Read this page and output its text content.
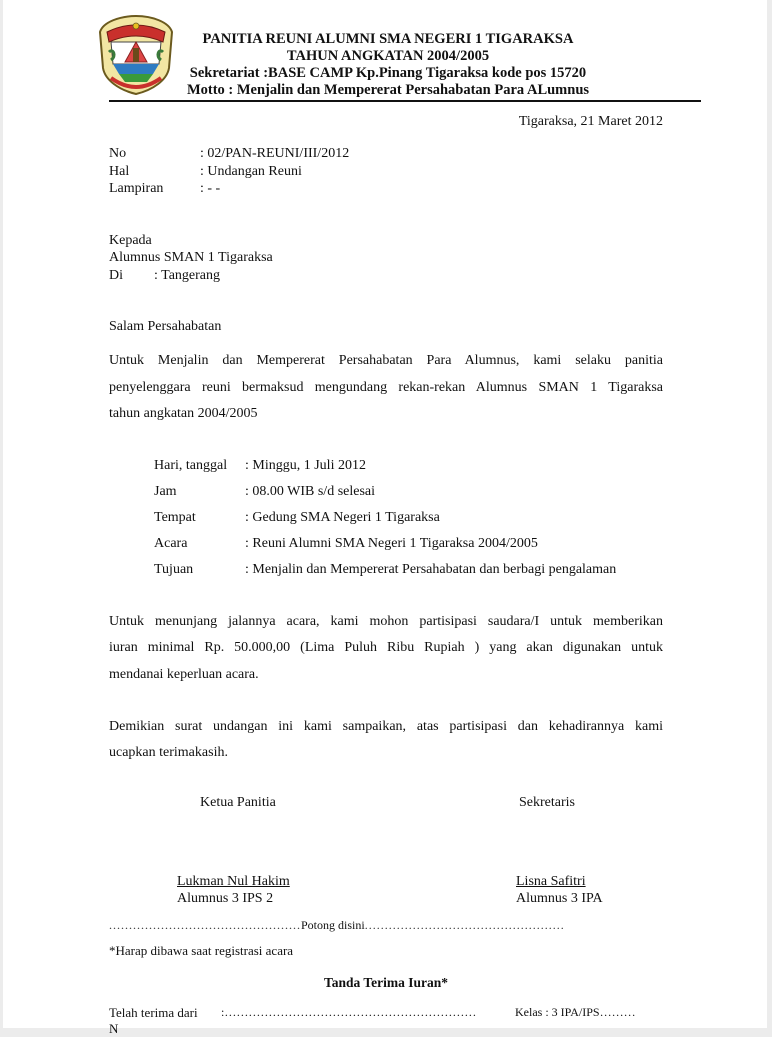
PANITIA REUNI ALUMNI SMA NEGERI 1 TIGARAKSA
TAHUN ANGKATAN 2004/2005
Sekretariat :BASE CAMP Kp.Pinang Tigaraksa kode pos 15720
Motto : Menjalin dan Mempererat Persahabatan Para ALumnus
Tigaraksa, 21 Maret 2012
No	: 02/PAN-REUNI/III/2012
Hal	: Undangan Reuni
Lampiran	: - -
Kepada
Alumnus SMAN 1 Tigaraksa
Di : Tangerang
Salam Persahabatan
Untuk Menjalin dan Mempererat Persahabatan Para Alumnus, kami selaku panitia
penyelenggara reuni bermaksud mengundang rekan-rekan Alumnus SMAN 1 Tigaraksa
tahun angkatan 2004/2005
Hari, tanggal : Minggu, 1 Juli 2012
Jam	: 08.00 WIB s/d selesai
Tempat	: Gedung SMA Negeri 1 Tigaraksa
Acara	: Reuni Alumni SMA Negeri 1 Tigaraksa 2004/2005
Tujuan	: Menjalin dan Mempererat Persahabatan dan berbagi pengalaman
Untuk menunjang jalannya acara, kami mohon partisipasi saudara/I untuk memberikan
iuran minimal Rp. 50.000,00 (Lima Puluh Ribu Rupiah ) yang akan digunakan untuk
mendanai keperluan acara.
Demikian surat undangan ini kami sampaikan, atas partisipasi dan kehadirannya kami
ucapkan terimakasih.
Ketua Panitia	Sekretaris
Lukman Nul Hakim
Alumnus 3 IPS 2
Lisna Safitri
Alumnus 3 IPA
................................................Potong disini..................................................
*Harap dibawa saat registrasi acara
Tanda Terima Iuran*
Telah terima dari :………………………………………………………	Kelas : 3 IPA/IPS………
N
